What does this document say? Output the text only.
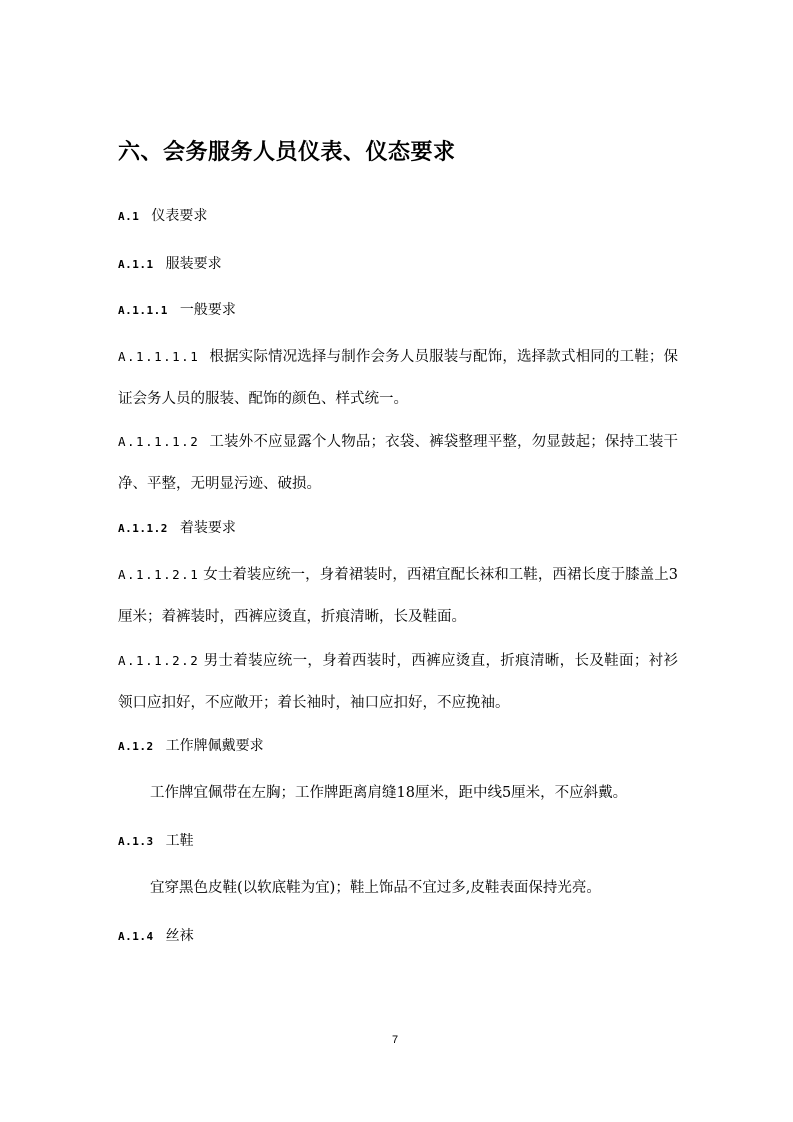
六、会务服务人员仪表、仪态要求
A.1 仪表要求
A.1.1 服装要求
A.1.1.1 一般要求
A.1.1.1.1 根据实际情况选择与制作会务人员服装与配饰，选择款式相同的工鞋；保证会务人员的服装、配饰的颜色、样式统一。
A.1.1.1.2 工装外不应显露个人物品；衣袋、裤袋整理平整，勿显鼓起；保持工装干净、平整，无明显污迹、破损。
A.1.1.2 着装要求
A.1.1.2.1 女士着装应统一，身着裙装时，西裙宜配长袜和工鞋，西裙长度于膝盖上3厘米；着裤装时，西裤应烫直，折痕清晰，长及鞋面。
A.1.1.2.2 男士着装应统一，身着西装时，西裤应烫直，折痕清晰，长及鞋面；衬衫领口应扣好，不应敞开；着长袖时，袖口应扣好，不应挽袖。
A.1.2 工作牌佩戴要求
工作牌宜佩带在左胸；工作牌距离肩缝18厘米，距中线5厘米，不应斜戴。
A.1.3 工鞋
宜穿黑色皮鞋(以软底鞋为宜)；鞋上饰品不宜过多,皮鞋表面保持光亮。
A.1.4 丝袜
7
